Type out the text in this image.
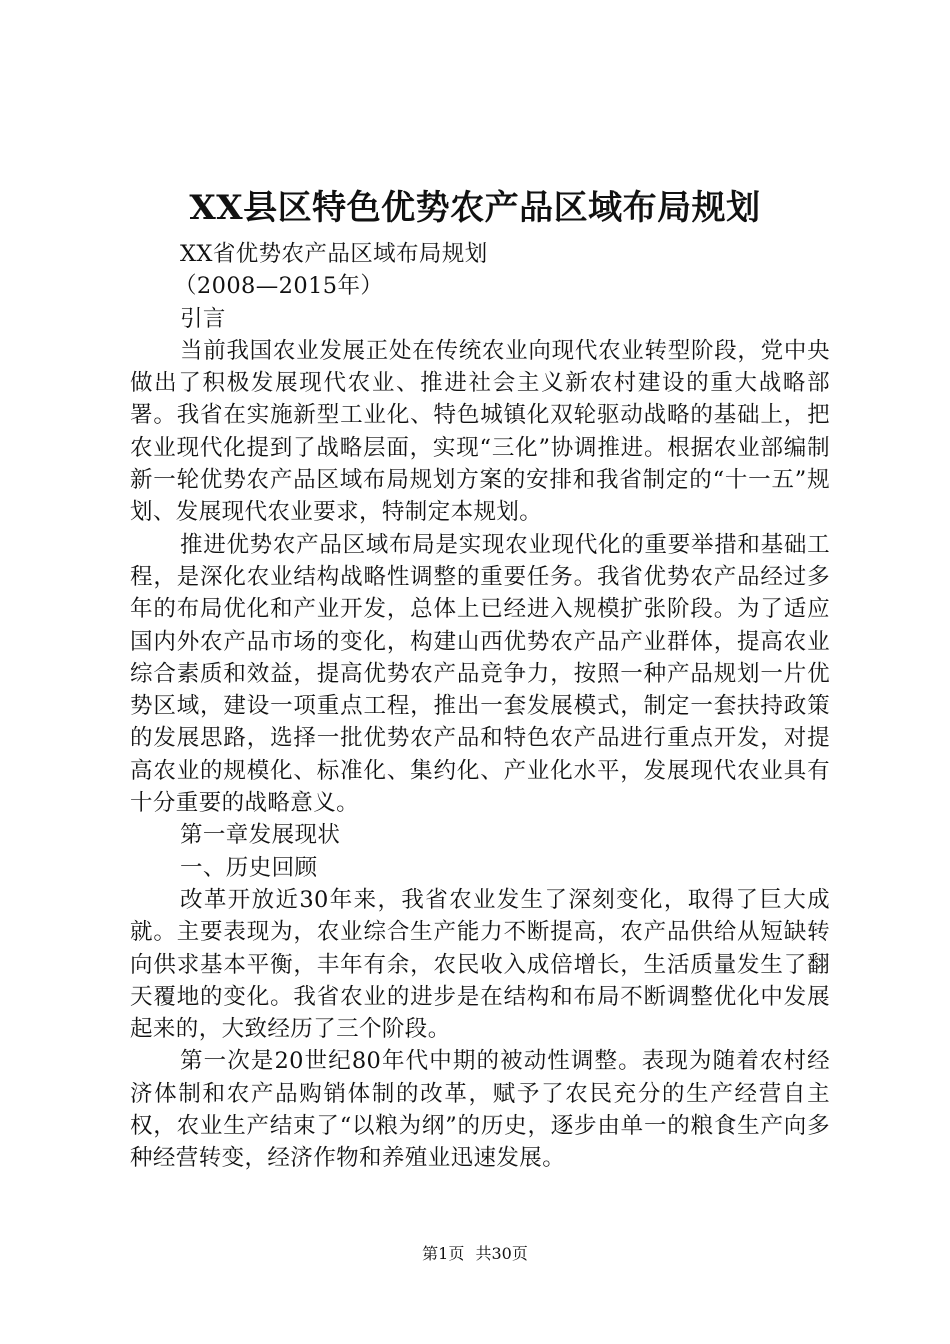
XX县区特色优势农产品区域布局规划

XX省优势农产品区域布局规划

（2008—2015年）

引言

当前我国农业发展正处在传统农业向现代农业转型阶段，党中央做出了积极发展现代农业、推进社会主义新农村建设的重大战略部署。我省在实施新型工业化、特色城镇化双轮驱动战略的基础上，把农业现代化提到了战略层面，实现“三化”协调推进。根据农业部编制新一轮优势农产品区域布局规划方案的安排和我省制定的“十一五”规划、发展现代农业要求，特制定本规划。

推进优势农产品区域布局是实现农业现代化的重要举措和基础工程，是深化农业结构战略性调整的重要任务。我省优势农产品经过多年的布局优化和产业开发，总体上已经进入规模扩张阶段。为了适应国内外农产品市场的变化，构建山西优势农产品产业群体，提高农业综合素质和效益，提高优势农产品竞争力，按照一种产品规划一片优势区域，建设一项重点工程，推出一套发展模式，制定一套扶持政策的发展思路，选择一批优势农产品和特色农产品进行重点开发，对提高农业的规模化、标准化、集约化、产业化水平，发展现代农业具有十分重要的战略意义。

第一章发展现状

一、历史回顾

改革开放近30年来，我省农业发生了深刻变化，取得了巨大成就。主要表现为，农业综合生产能力不断提高，农产品供给从短缺转向供求基本平衡，丰年有余，农民收入成倍增长，生活质量发生了翻天覆地的变化。我省农业的进步是在结构和布局不断调整优化中发展起来的，大致经历了三个阶段。

第一次是20世纪80年代中期的被动性调整。表现为随着农村经济体制和农产品购销体制的改革，赋予了农民充分的生产经营自主权，农业生产结束了“以粮为纲”的历史，逐步由单一的粮食生产向多种经营转变，经济作物和养殖业迅速发展。

第1页 共30页
